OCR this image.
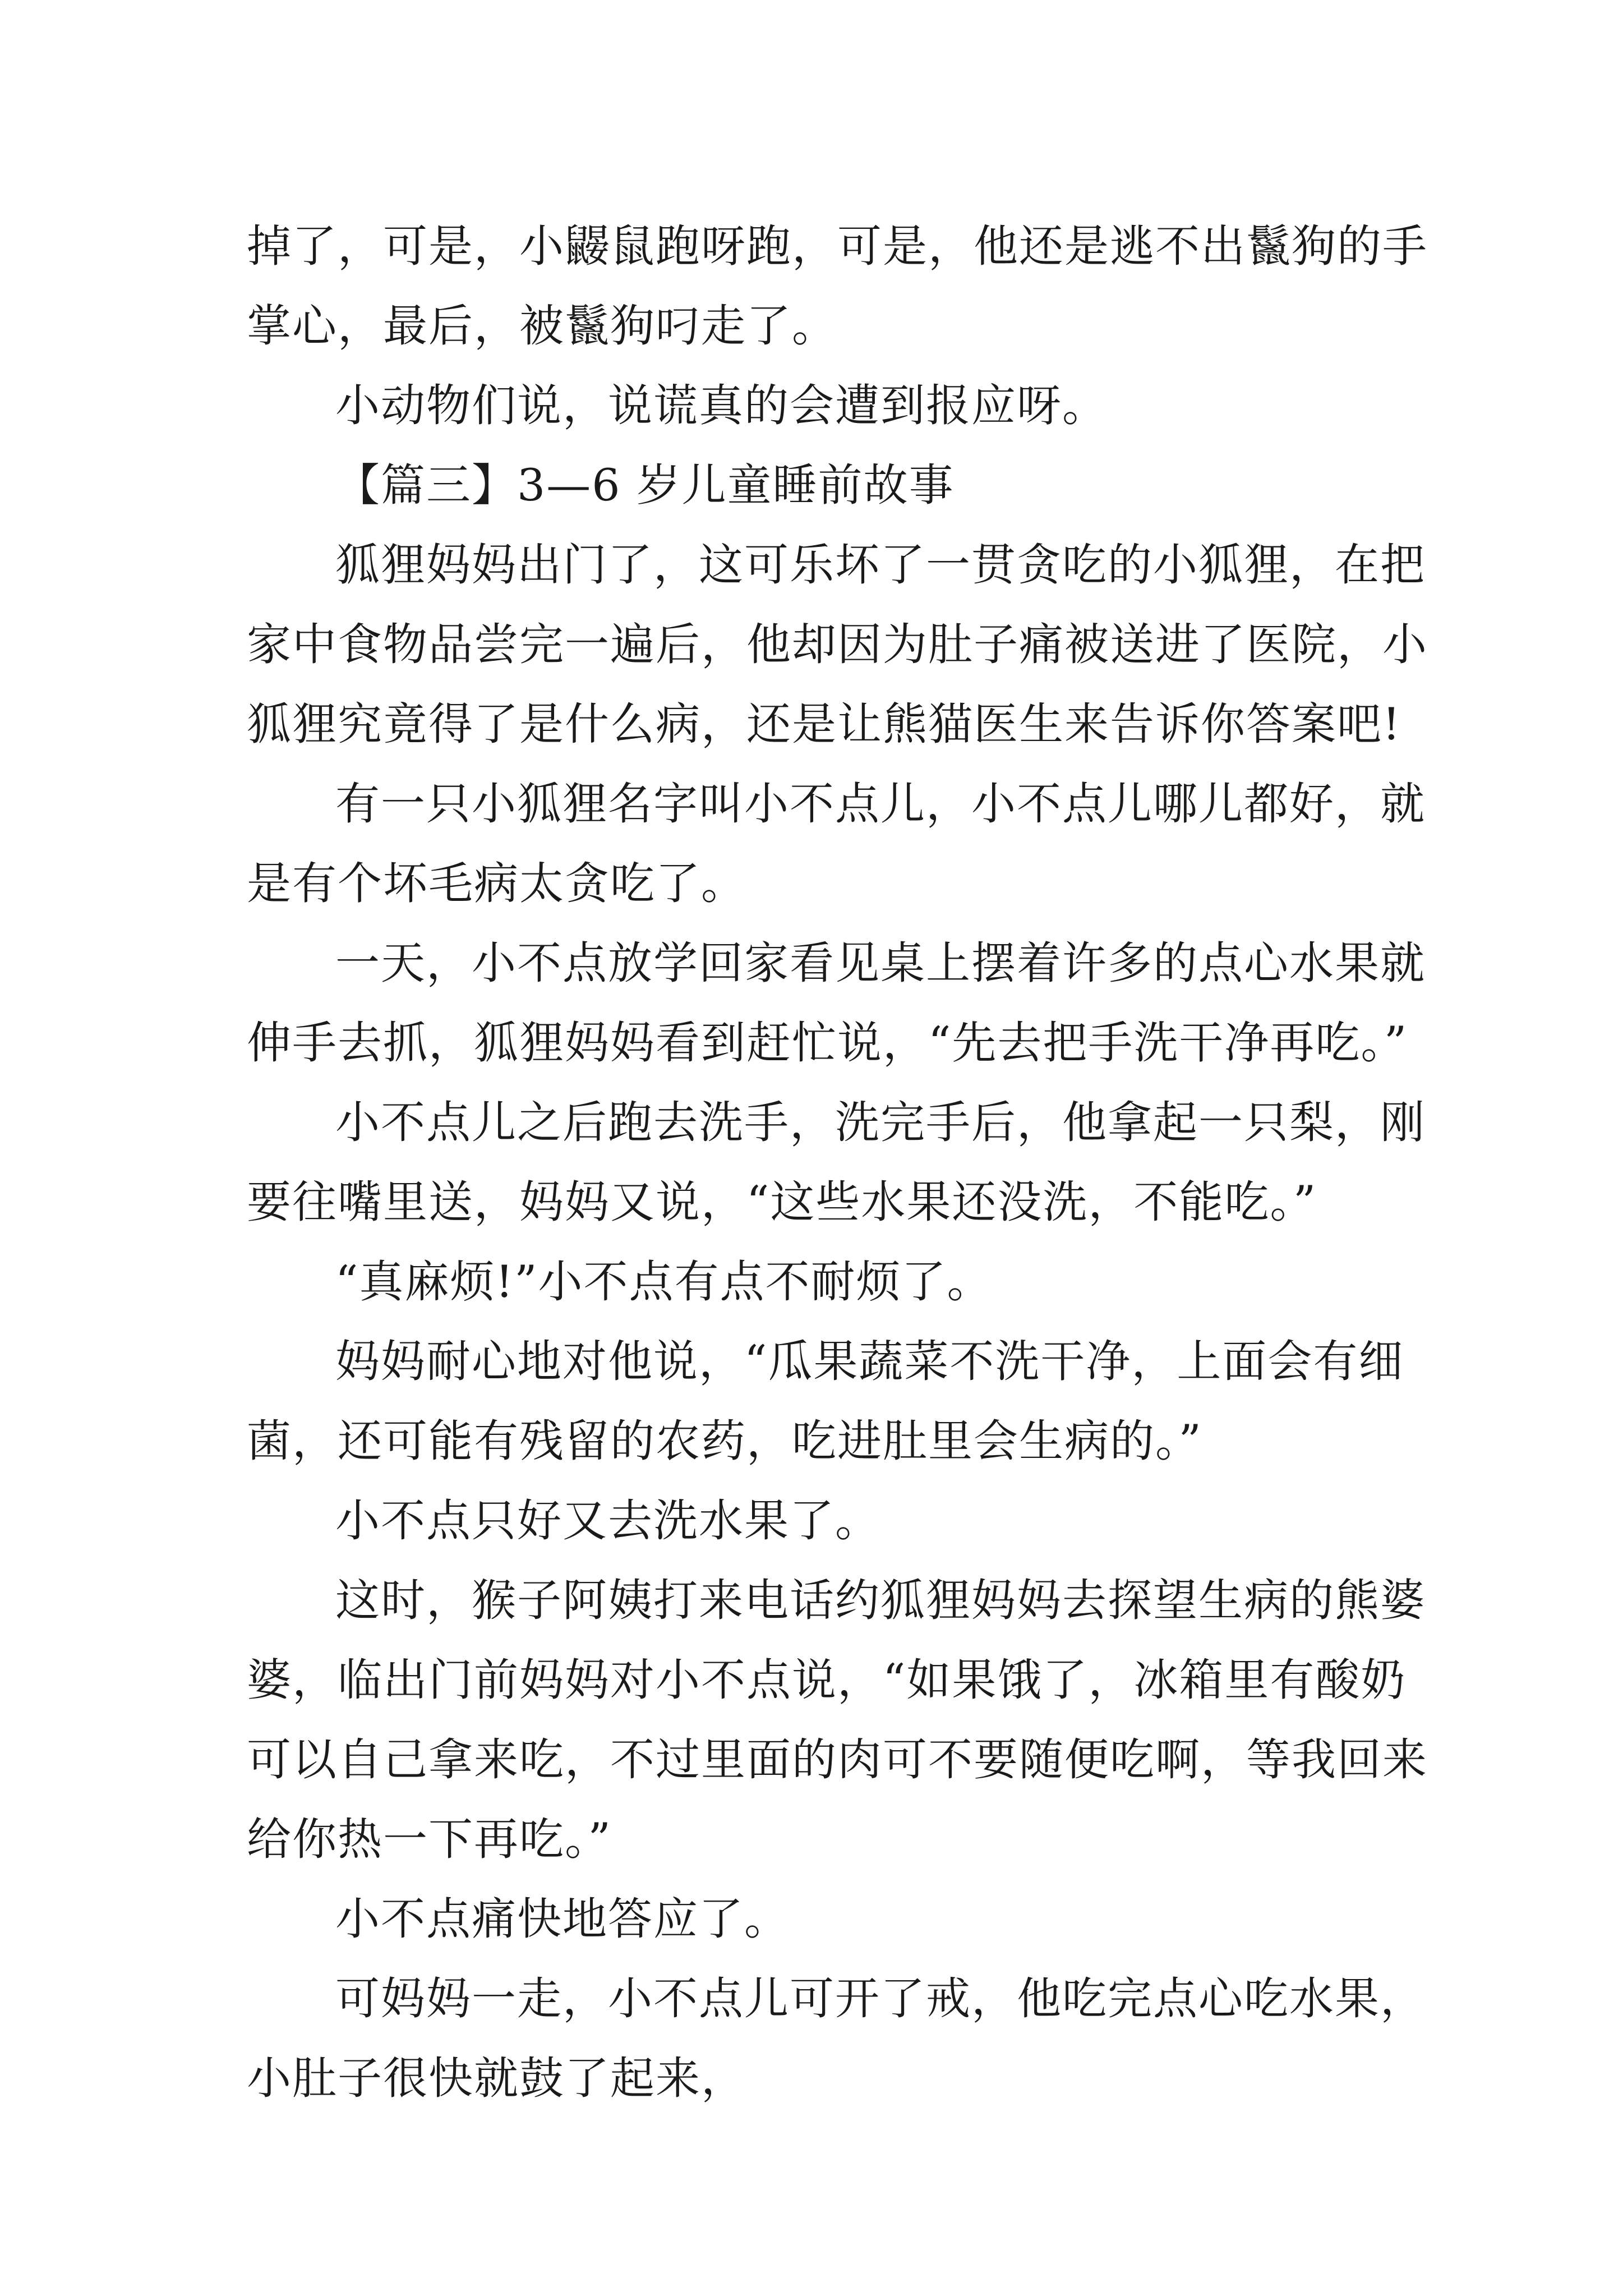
掉了，可是，小鼹鼠跑呀跑，可是，他还是逃不出鬣狗的手
掌心，最后，被鬣狗叼走了。
小动物们说，说谎真的会遭到报应呀。
【篇三】3—6 岁儿童睡前故事
狐狸妈妈出门了，这可乐坏了一贯贪吃的小狐狸，在把
家中食物品尝完一遍后，他却因为肚子痛被送进了医院，小
狐狸究竟得了是什么病，还是让熊猫医生来告诉你答案吧!
有一只小狐狸名字叫小不点儿，小不点儿哪儿都好，就
是有个坏毛病太贪吃了。
一天，小不点放学回家看见桌上摆着许多的点心水果就
伸手去抓，狐狸妈妈看到赶忙说，“先去把手洗干净再吃。”
小不点儿之后跑去洗手，洗完手后，他拿起一只梨，刚
要往嘴里送，妈妈又说，“这些水果还没洗，不能吃。”
“真麻烦!”小不点有点不耐烦了。
妈妈耐心地对他说，“瓜果蔬菜不洗干净，上面会有细
菌，还可能有残留的农药，吃进肚里会生病的。”
小不点只好又去洗水果了。
这时，猴子阿姨打来电话约狐狸妈妈去探望生病的熊婆
婆，临出门前妈妈对小不点说，“如果饿了，冰箱里有酸奶
可以自己拿来吃，不过里面的肉可不要随便吃啊，等我回来
给你热一下再吃。”
小不点痛快地答应了。
可妈妈一走，小不点儿可开了戒，他吃完点心吃水果，
小肚子很快就鼓了起来，
